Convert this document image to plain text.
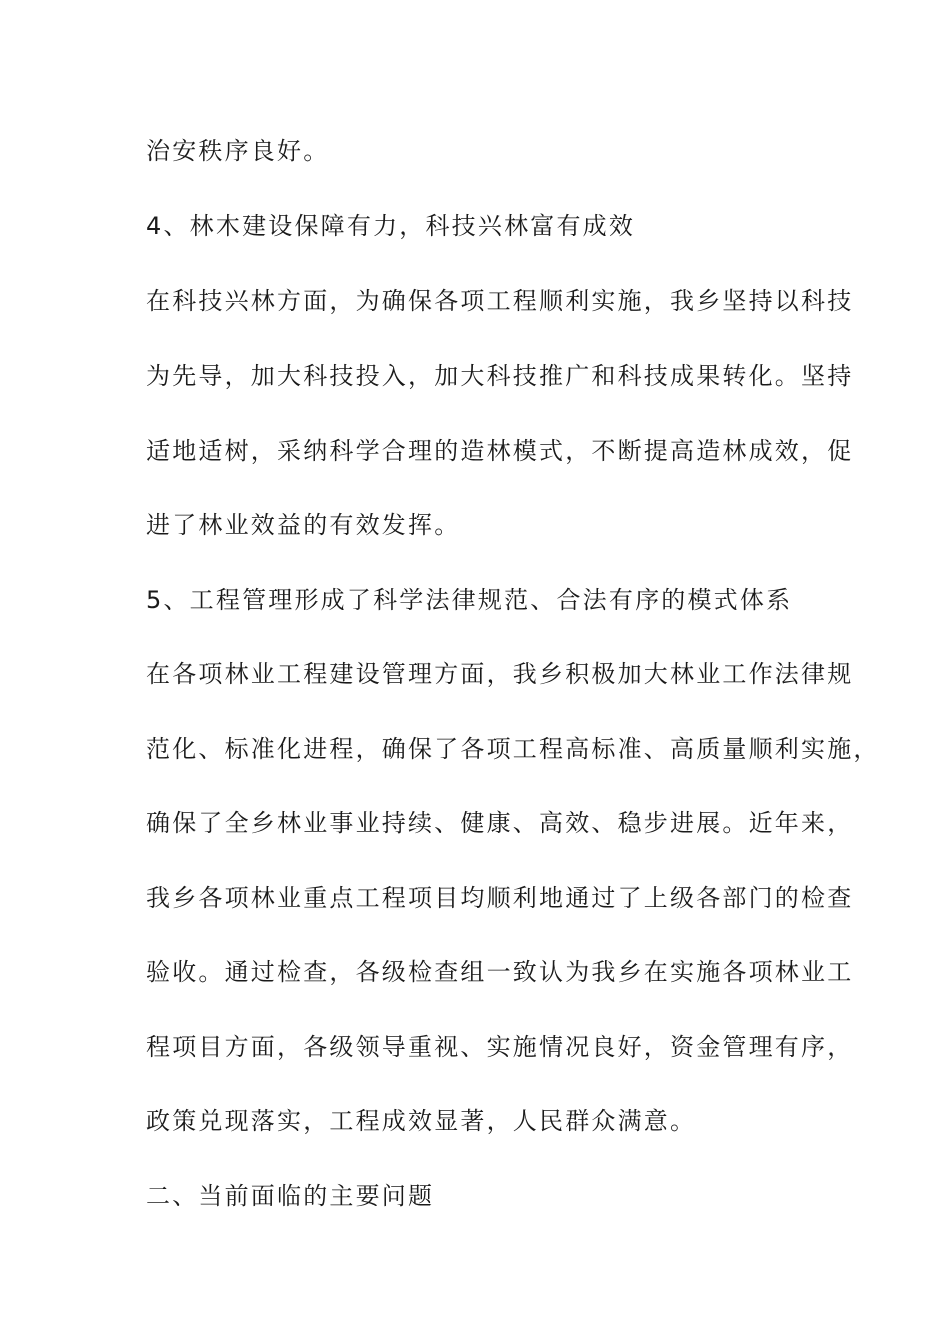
治安秩序良好。

4、林木建设保障有力，科技兴林富有成效

在科技兴林方面，为确保各项工程顺利实施，我乡坚持以科技

为先导，加大科技投入，加大科技推广和科技成果转化。坚持

适地适树，采纳科学合理的造林模式，不断提高造林成效，促

进了林业效益的有效发挥。

5、工程管理形成了科学法律规范、合法有序的模式体系

在各项林业工程建设管理方面，我乡积极加大林业工作法律规

范化、标准化进程，确保了各项工程高标准、高质量顺利实施，

确保了全乡林业事业持续、健康、高效、稳步进展。近年来，

我乡各项林业重点工程项目均顺利地通过了上级各部门的检查

验收。通过检查，各级检查组一致认为我乡在实施各项林业工

程项目方面，各级领导重视、实施情况良好，资金管理有序，

政策兑现落实，工程成效显著，人民群众满意。

二、当前面临的主要问题
